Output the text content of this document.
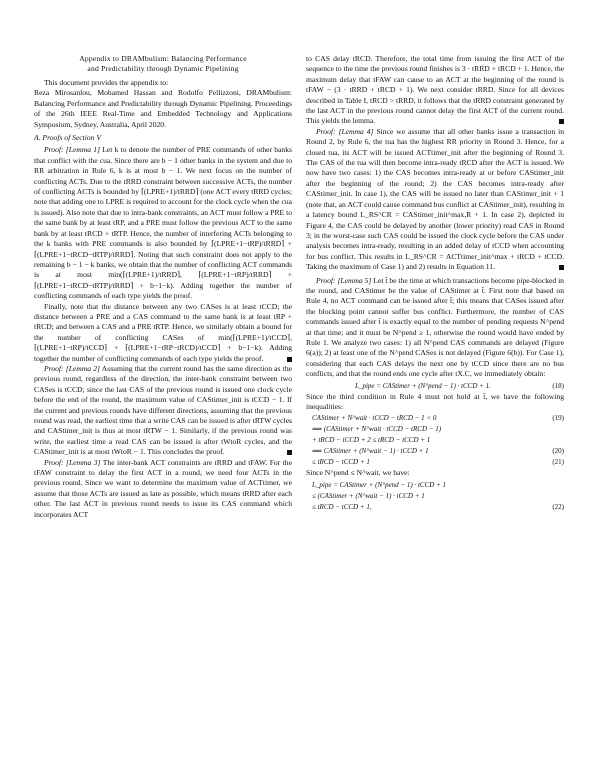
Appendix to DRAMbulism: Balancing Performance
and Predictability through Dynamic Pipelining

This document provides the appendix to:

Reza Mirosanlou, Mohamed Hassan and Rodolfo Pellizzoni, DRAMbulism: Balancing Performance and Predictability through Dynamic Pipelining. Proceedings of the 26th IEEE Real-Time and Embedded Technology and Applications Symposium, Sydney, Australia, April 2020.

A. Proofs of Section V

Proof: [Lemma 1] Let k to denote the number of PRE commands of other banks that conflict with the cua. Since there are b − 1 other banks in the system and due to RR arbitration in Rule 6, k is at most b − 1. We next focus on the number of conflicting ACTs. Due to the tRRD constraint between successive ACTs, the number of conflicting ACTs is bounded by ⌈(LPRE+1)/tRRD⌉ (one ACT every tRRD cycles; note that adding one to LPRE is required to account for the clock cycle when the cua is issued). Also note that due to intra-bank constraints, an ACT must follow a PRE to the same bank by at least tRP, and a PRE must follow the previous ACT to the same bank by at least tRCD + tRTP. Hence, the number of interfering ACTs belonging to the k banks with PRE commands is also bounded by ⌈(LPRE+1−tRP)/tRRD⌉ + ⌈(LPRE+1−tRCD−tRTP)/tRRD⌉. Noting that such constraint does not apply to the remaining b − 1 − k banks, we obtain that the number of conflicting ACT commands is at most min(⌈(LPRE+1)/tRRD⌉, ⌈(LPRE+1−tRP)/tRRD⌉ + ⌈(LPRE+1−tRCD−tRTP)/tRRD⌉ + b−1−k). Adding together the number of conflicting commands of each type yields the proof.

Finally, note that the distance between any two CASes is at least tCCD; the distance between a PRE and a CAS command to the same bank is at least tRP + tRCD; and between a CAS and a PRE tRTP. Hence, we similarly obtain a bound for the number of conflicting CASes of min(⌈(LPRE+1)/tCCD⌉, ⌈(LPRE+1−tRP)/tCCD⌉ + ⌈(LPRE+1−tRP−tRCD)/tCCD⌉ + b−1−k). Adding together the number of conflicting commands of each type yields the proof.

Proof: [Lemma 2] Assuming that the current round has the same direction as the previous round, regardless of the direction, the inter-bank constraint between two CASes is tCCD; since the last CAS of the previous round is issued one clock cycle before the end of the round, the maximum value of CAStimer_init is tCCD − 1. If the current and previous rounds have different directions, assuming that the previous round was read, the earliest time that a write CAS can be issued is after tRTW cycles and CAStimer_init is thus at most tRTW − 1. Similarly, if the previous round was write, the earliest time a read CAS can be issued is after tWtoR cycles, and the CAStimer_init is at most tWtoR − 1. This concludes the proof.

Proof: [Lemma 3] The inter-bank ACT constraints are tRRD and tFAW. For the tFAW constraint to delay the first ACT in a round, we need four ACTs in the previous round. Since we want to determine the maximum value of ACTtimer, we assume that those ACTs are issued as late as possible, which means tRRD after each other. The last ACT in previous round needs to issue its CAS command which incorporates ACT

to CAS delay tRCD. Therefore, the total time from issuing the first ACT of the sequence to the time the previous round finishes is 3 · tRRD + tRCD + 1. Hence, the maximum delay that tFAW can cause to an ACT at the beginning of the round is tFAW − (3 · tRRD + tRCD + 1). We next consider tRRD. Since for all devices described in Table I, tRCD > tRRD, it follows that the tRRD constraint generated by the last ACT in the previous round cannot delay the first ACT of the current round. This yields the lemma.

Proof: [Lemma 4] Since we assume that all other banks issue a transaction in Round 2, by Rule 6, the tua has the highest RR priority in Round 3. Hence, for a closed tua, its ACT will be issued ACTtimer_init after the beginning of Round 3. The CAS of the tua will then become intra-ready tRCD after the ACT is issued. We now have two cases: 1) the CAS becomes intra-ready at or before CAStimer_init after the beginning of the round; 2) the CAS becomes intra-ready after CAStimer_init. In case 1), the CAS will be issued no later than CAStimer_init + 1 (note that, an ACT could cause command bus conflict at CAStimer_init), resulting in a latency bound L_RS^CR = CAStimer_init^max,R + 1. In case 2), depicted in Figure 4, the CAS could be delayed by another (lower priority) read CAS in Round 3; in the worst-case such CAS could be issued the clock cycle before the CAS under analysis becomes intra-ready, resulting in an added delay of tCCD when accounting for bus conflict. This results in L_RS^CR = ACTtimer_init^max + tRCD + tCCD. Taking the maximum of Case 1) and 2) results in Equation 11.

Proof: [Lemma 5] Let t̂ be the time at which transactions become pipe-blocked in the round, and CAStimer be the value of CAStimer at t̂. First note that based on Rule 4, no ACT command can be issued after t̂; this means that CASes issued after the blocking point cannot suffer bus conflict. Furthermore, the number of CAS commands issued after t̂ is exactly equal to the number of pending requests N^pend at that time; and it must be N^pend ≥ 1, otherwise the round would have ended by Rule 1. We analyze two cases: 1) all N^pend CAS commands are delayed (Figure 6(a)); 2) at least one of the N^pend CASes is not delayed (Figure 6(b)). For Case 1), considering that each CAS delays the next one by tCCD since there are no bus conflicts, and that the round ends one cycle after tX.C, we immediately obtain:

L_pipe = CAStimer + (N^pend − 1) · tCCD + 1.	(18)

Since the third condition in Rule 4 must not hold at t̂, we have the following inequalities:

CAStimer + N^wait · tCCD − tRCD − 1 < 0	(19)
⟹ (CAStimer + N^wait · tCCD − tRCD − 1)
+ tRCD − tCCD + 2 ≤ tRCD − tCCD + 1
⟹ CAStimer + (N^wait − 1) · tCCD + 1	(20)
≤ tRCD − tCCD + 1	(21)

Since N^pend ≤ N^wait, we have:

L_pipe = CAStimer + (N^pend − 1) · tCCD + 1
≤ (CAStimer + (N^wait − 1) · tCCD + 1
≤ tRCD − tCCD + 1,	(22)
